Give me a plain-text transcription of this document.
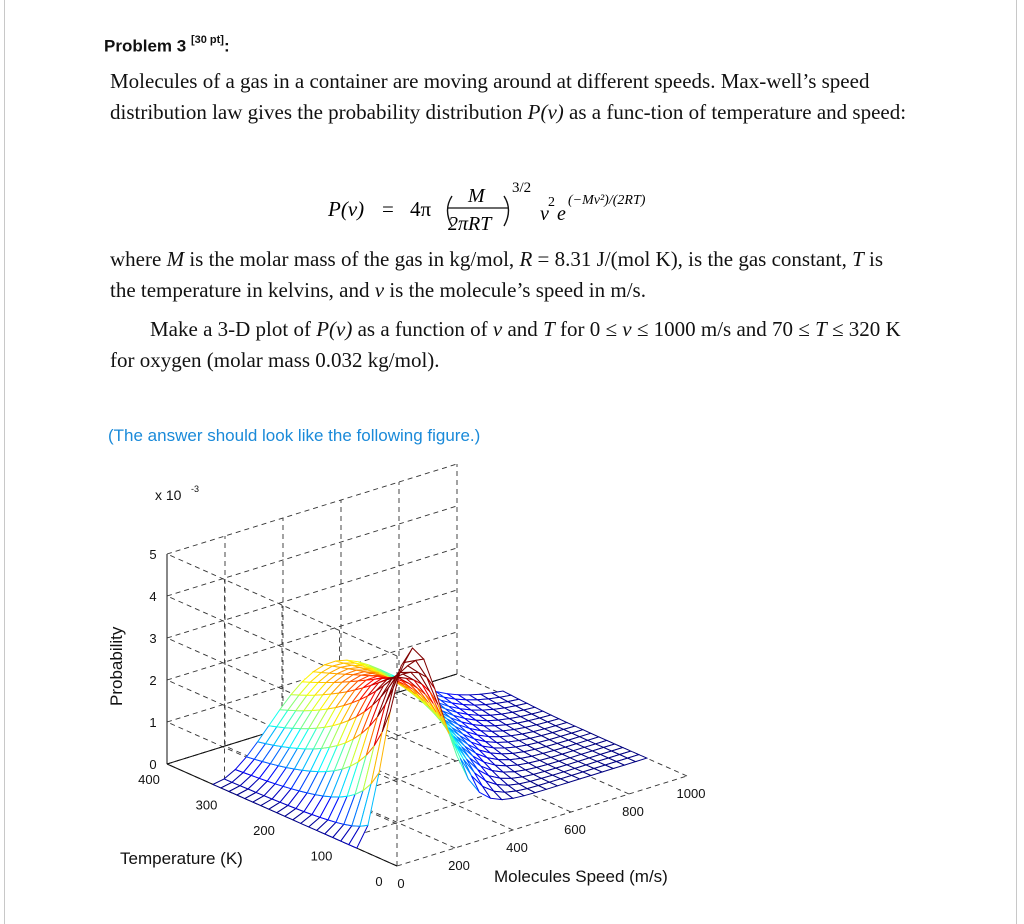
Problem 3 [30 pt]:

Molecules of a gas in a container are moving around at different speeds. Max-well’s speed distribution law gives the probability distribution P(v) as a func-tion of temperature and speed:

P(v) = 4π
M
2πRT
3/2
v
2
e
(−Mv²)/(2RT)

where M is the molar mass of the gas in kg/mol, R = 8.31 J/(mol K), is the gas constant, T is the temperature in kelvins, and v is the molecule’s speed in m/s.

Make a 3-D plot of P(v) as a function of v and T for 0 ≤ v ≤ 1000 m/s and 70 ≤ T ≤ 320 K for oxygen (molar mass 0.032 kg/mol).

(The answer should look like the following figure.)
0
1
2
3
4
5
0
200
400
600
800
1000
0
100
200
300
400
x 10 -3
Probability
Temperature (K)
Molecules Speed (m/s)
